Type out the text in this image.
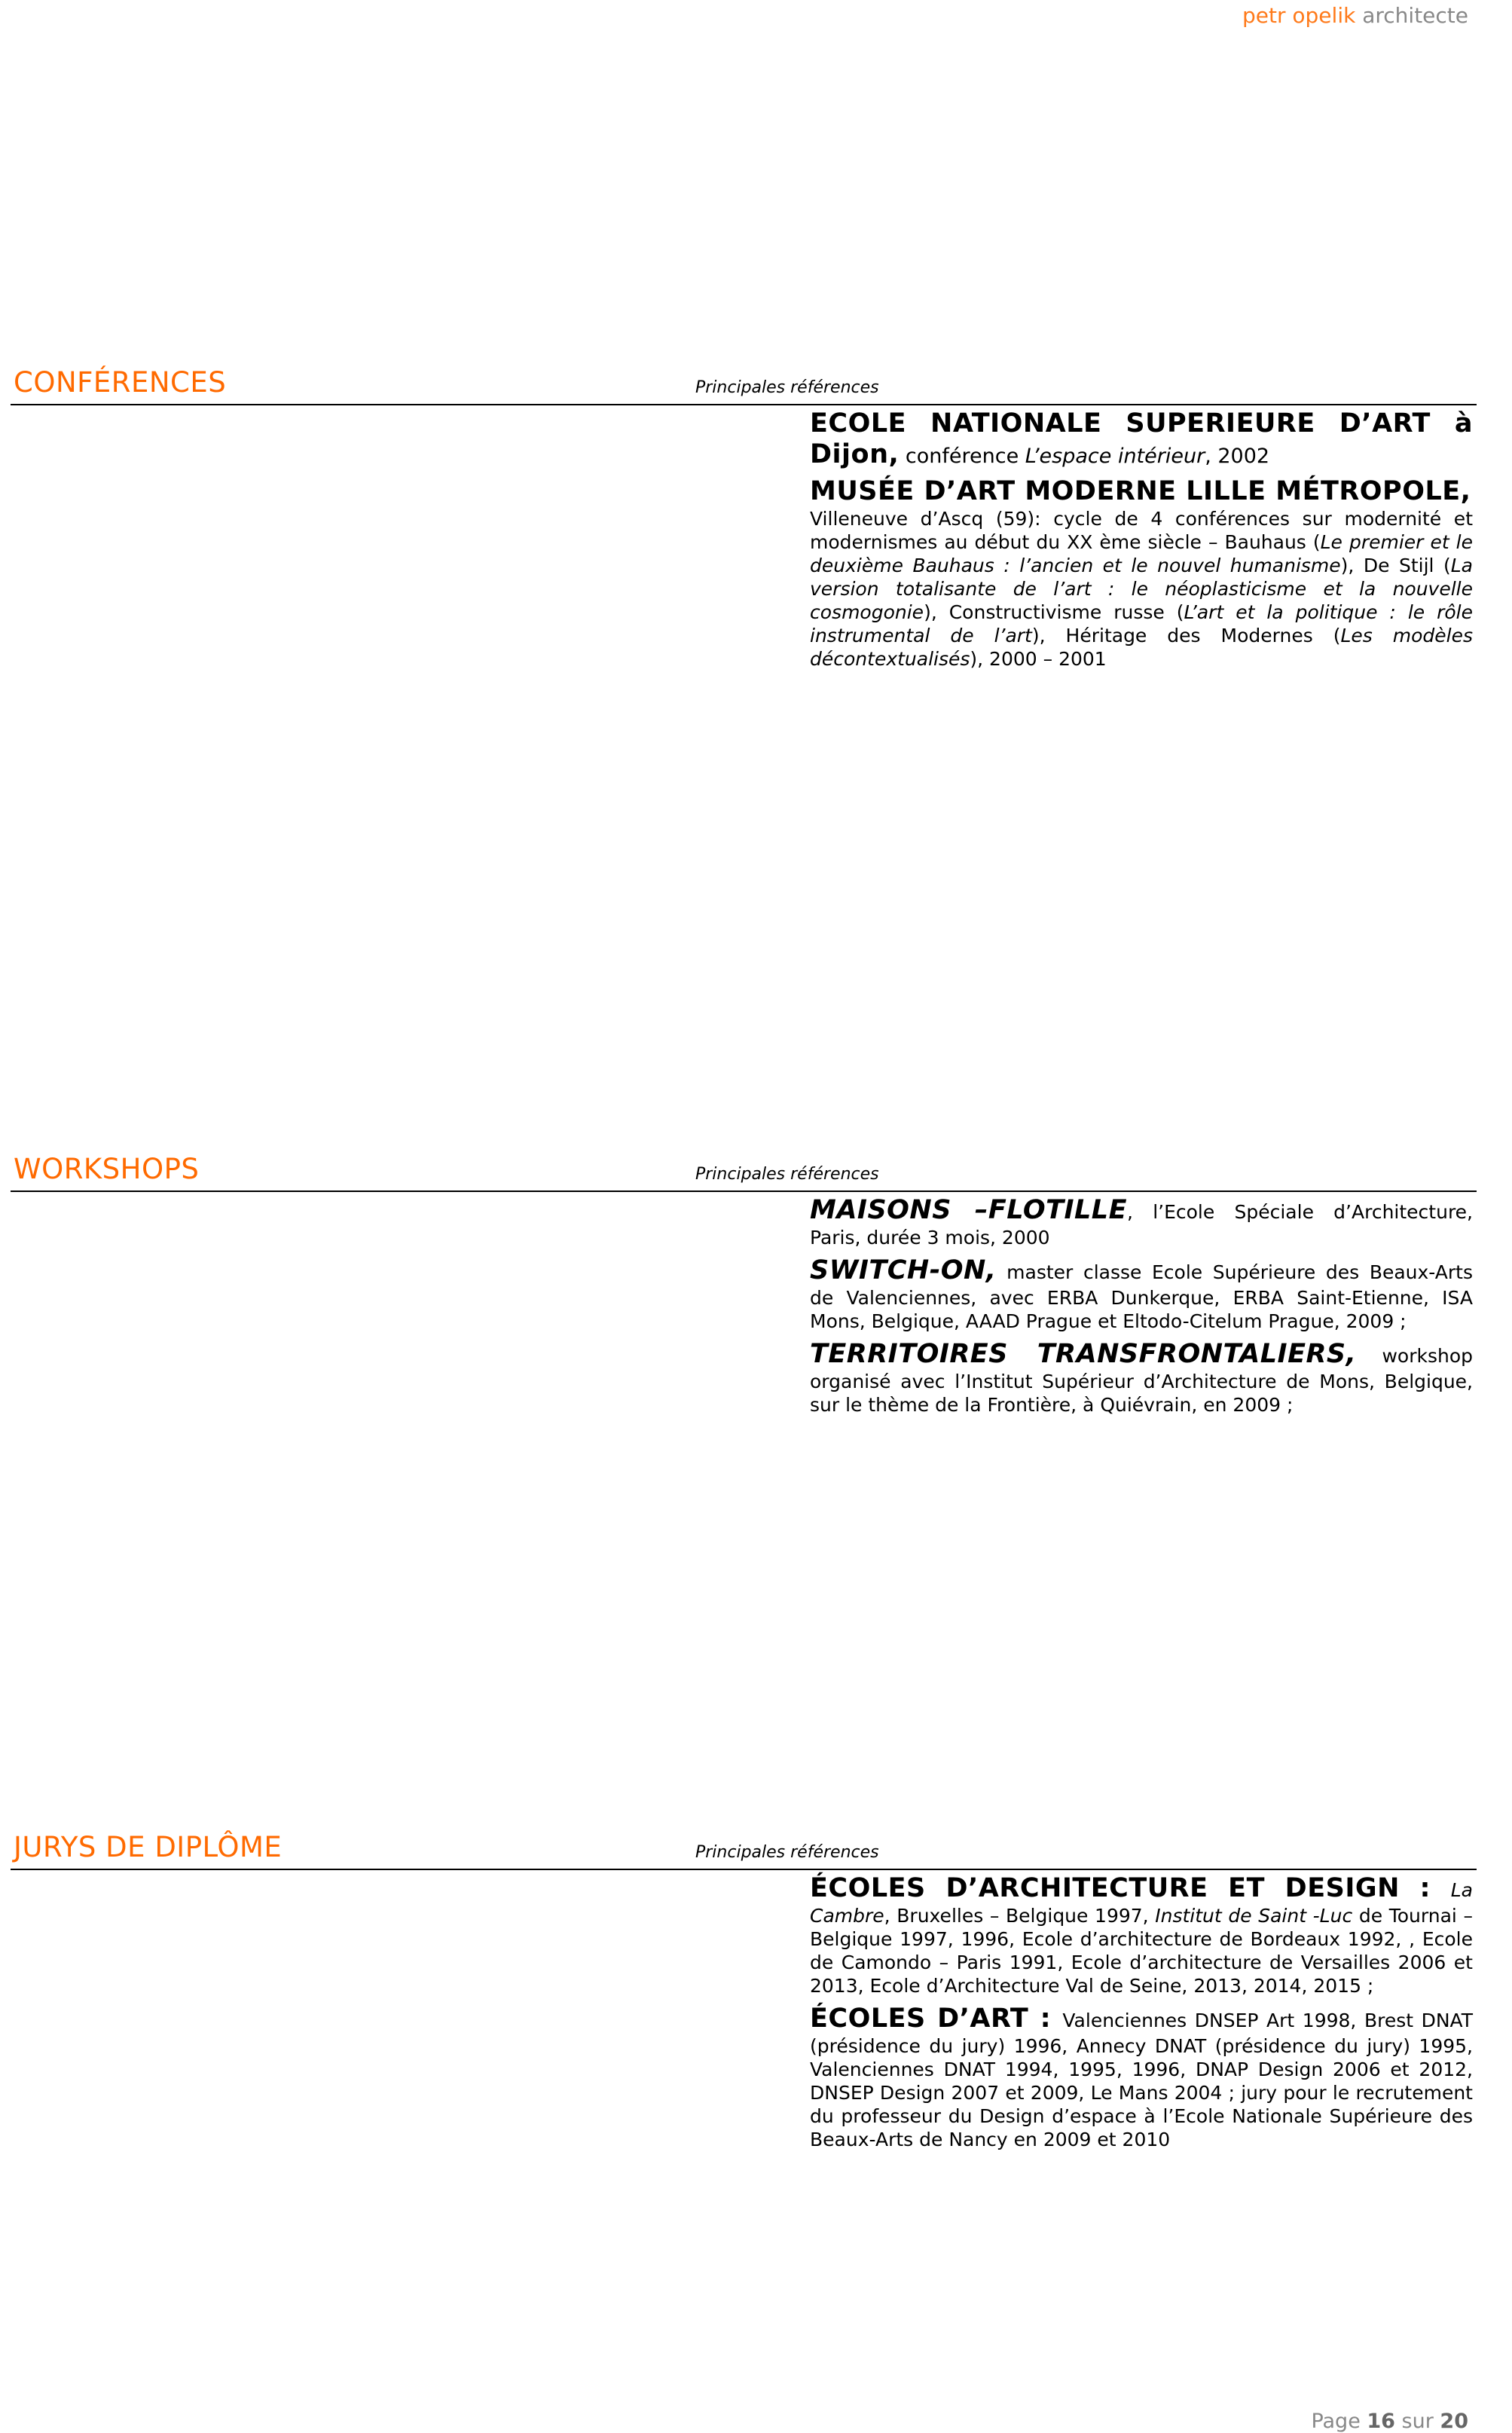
petr opelik architecte
CONFÉRENCES	Principales références

ECOLE NATIONALE SUPERIEURE D’ART à Dijon, conférence L’espace intérieur, 2002

MUSÉE D’ART MODERNE LILLE MÉTROPOLE,
Villeneuve d’Ascq (59): cycle de 4 conférences sur modernité et modernismes au début du XX ème siècle – Bauhaus (Le premier et le deuxième Bauhaus : l’ancien et le nouvel humanisme), De Stijl (La version totalisante de l’art : le néoplasticisme et la nouvelle cosmogonie), Constructivisme russe (L’art et la politique : le rôle instrumental de l’art), Héritage des Modernes (Les modèles décontextualisés), 2000 – 2001

WORKSHOPS	Principales références

MAISONS –FLOTILLE, l’Ecole Spéciale d’Architecture, Paris, durée 3 mois, 2000

SWITCH-ON, master classe Ecole Supérieure des Beaux-Arts de Valenciennes, avec ERBA Dunkerque, ERBA Saint-Etienne, ISA Mons, Belgique, AAAD Prague et Eltodo-Citelum Prague, 2009 ;

TERRITOIRES TRANSFRONTALIERS, workshop organisé avec l’Institut Supérieur d’Architecture de Mons, Belgique, sur le thème de la Frontière, à Quiévrain, en 2009 ;

JURYS DE DIPLÔME	Principales références

ÉCOLES D’ARCHITECTURE ET DESIGN : La Cambre, Bruxelles – Belgique 1997, Institut de Saint -Luc de Tournai – Belgique 1997, 1996, Ecole d’architecture de Bordeaux 1992, , Ecole de Camondo – Paris 1991, Ecole d’architecture de Versailles 2006 et 2013, Ecole d’Architecture Val de Seine, 2013, 2014, 2015 ;

ÉCOLES D’ART : Valenciennes DNSEP Art 1998, Brest DNAT (présidence du jury) 1996, Annecy DNAT (présidence du jury) 1995, Valenciennes DNAT 1994, 1995, 1996, DNAP Design 2006 et 2012, DNSEP Design 2007 et 2009, Le Mans 2004 ; jury pour le recrutement du professeur du Design d’espace à l’Ecole Nationale Supérieure des Beaux-Arts de Nancy en 2009 et 2010

Page 16 sur 20
